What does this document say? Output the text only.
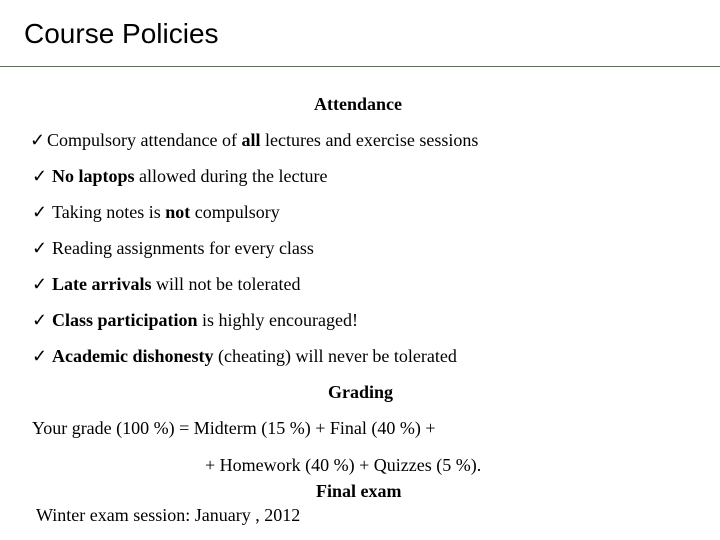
Course Policies
Attendance
✓ Compulsory attendance of all lectures and exercise sessions
✓ No laptops allowed during the lecture
✓ Taking notes is not compulsory
✓ Reading assignments for every class
✓ Late arrivals will not be tolerated
✓ Class participation is highly encouraged!
✓ Academic dishonesty (cheating) will never be tolerated
Grading
Your grade (100 %) = Midterm (15 %) + Final (40 %) +
+ Homework (40 %) + Quizzes (5 %).
Final exam
Winter exam session: January , 2012
